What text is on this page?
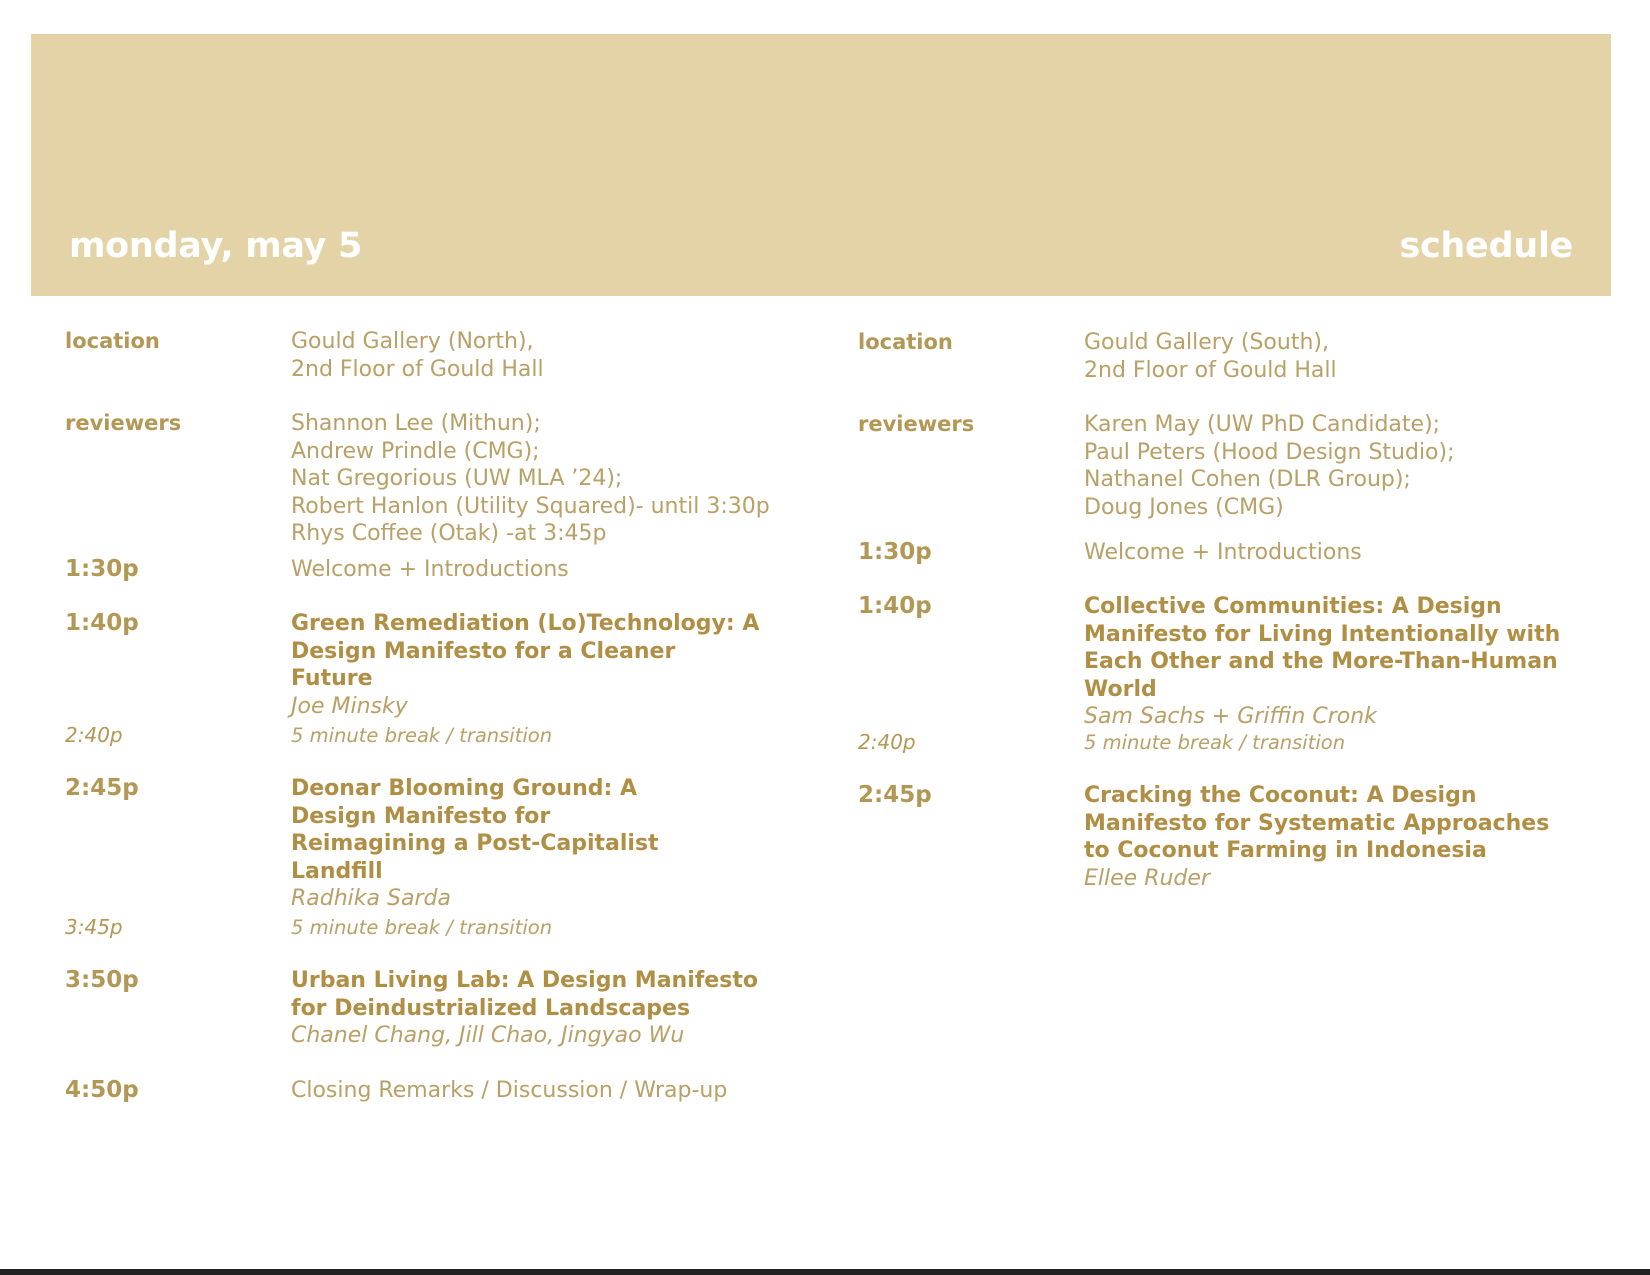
monday, may 5	schedule
location	Gould Gallery (North),
2nd Floor of Gould Hall
reviewers	Shannon Lee (Mithun);
Andrew Prindle (CMG);
Nat Gregorious (UW MLA ’24);
Robert Hanlon (Utility Squared)- until 3:30p
Rhys Coffee (Otak) -at 3:45p
1:30p	Welcome + Introductions
1:40p	Green Remediation (Lo)Technology: A Design Manifesto for a Cleaner Future
Joe Minsky
2:40p	5 minute break / transition
2:45p	Deonar Blooming Ground: A Design Manifesto for Reimagining a Post-Capitalist Landfill
Radhika Sarda
3:45p	5 minute break / transition
3:50p	Urban Living Lab: A Design Manifesto for Deindustrialized Landscapes
Chanel Chang, Jill Chao, Jingyao Wu
4:50p	Closing Remarks / Discussion / Wrap-up
location	Gould Gallery (South),
2nd Floor of Gould Hall
reviewers	Karen May (UW PhD Candidate);
Paul Peters (Hood Design Studio);
Nathanel Cohen (DLR Group);
Doug Jones (CMG)
1:30p	Welcome + Introductions
1:40p	Collective Communities: A Design Manifesto for Living Intentionally with Each Other and the More-Than-Human World
Sam Sachs + Griffin Cronk
2:40p	5 minute break / transition
2:45p	Cracking the Coconut: A Design Manifesto for Systematic Approaches to Coconut Farming in Indonesia
Ellee Ruder
